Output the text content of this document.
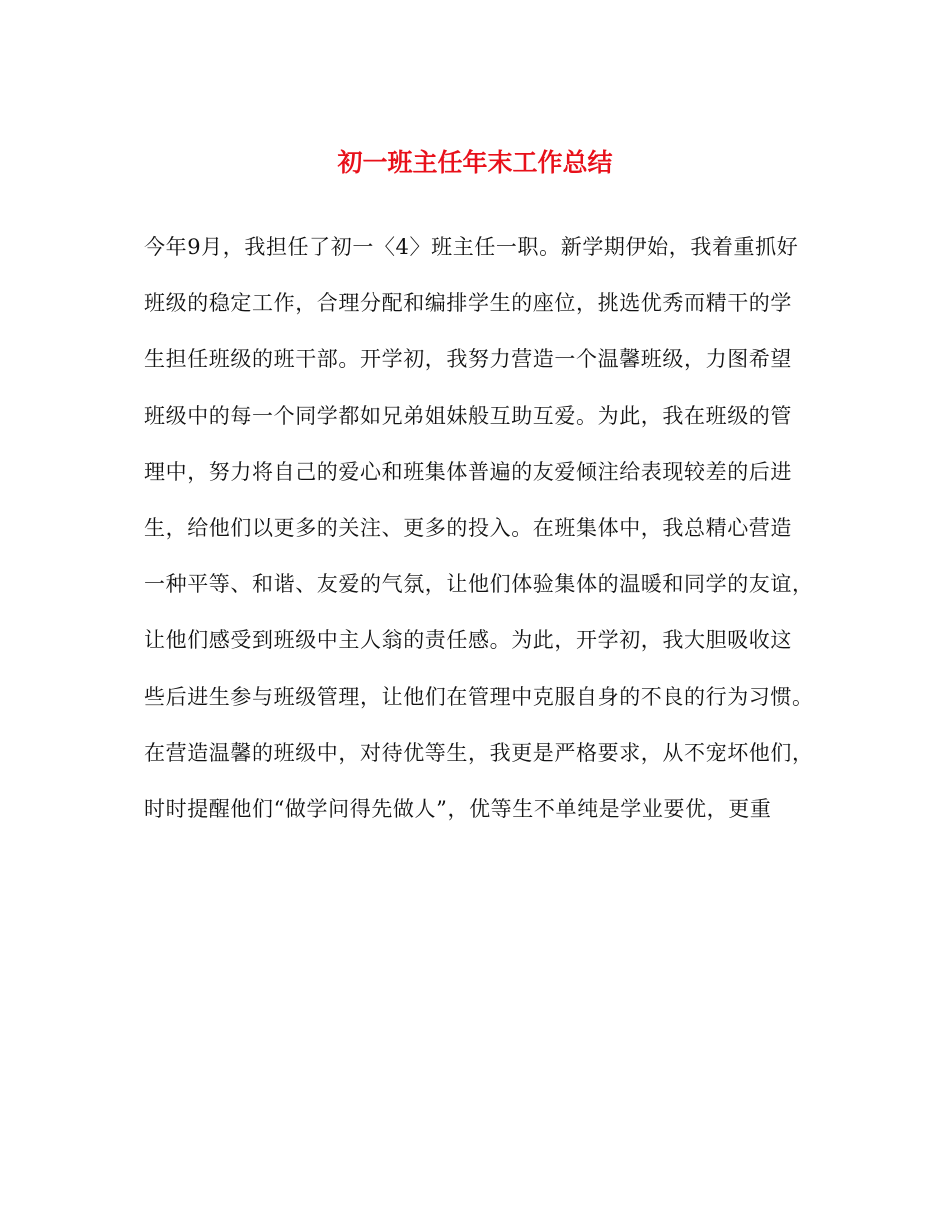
初一班主任年末工作总结
今年9月，我担任了初一〈4〉班主任一职。新学期伊始，我着重抓好
班级的稳定工作，合理分配和编排学生的座位，挑选优秀而精干的学
生担任班级的班干部。开学初，我努力营造一个温馨班级，力图希望
班级中的每一个同学都如兄弟姐妹般互助互爱。为此，我在班级的管
理中，努力将自己的爱心和班集体普遍的友爱倾注给表现较差的后进
生，给他们以更多的关注、更多的投入。在班集体中，我总精心营造
一种平等、和谐、友爱的气氛，让他们体验集体的温暖和同学的友谊，
让他们感受到班级中主人翁的责任感。为此，开学初，我大胆吸收这
些后进生参与班级管理，让他们在管理中克服自身的不良的行为习惯。
在营造温馨的班级中，对待优等生，我更是严格要求，从不宠坏他们，
时时提醒他们“做学问得先做人”，优等生不单纯是学业要优，更重
